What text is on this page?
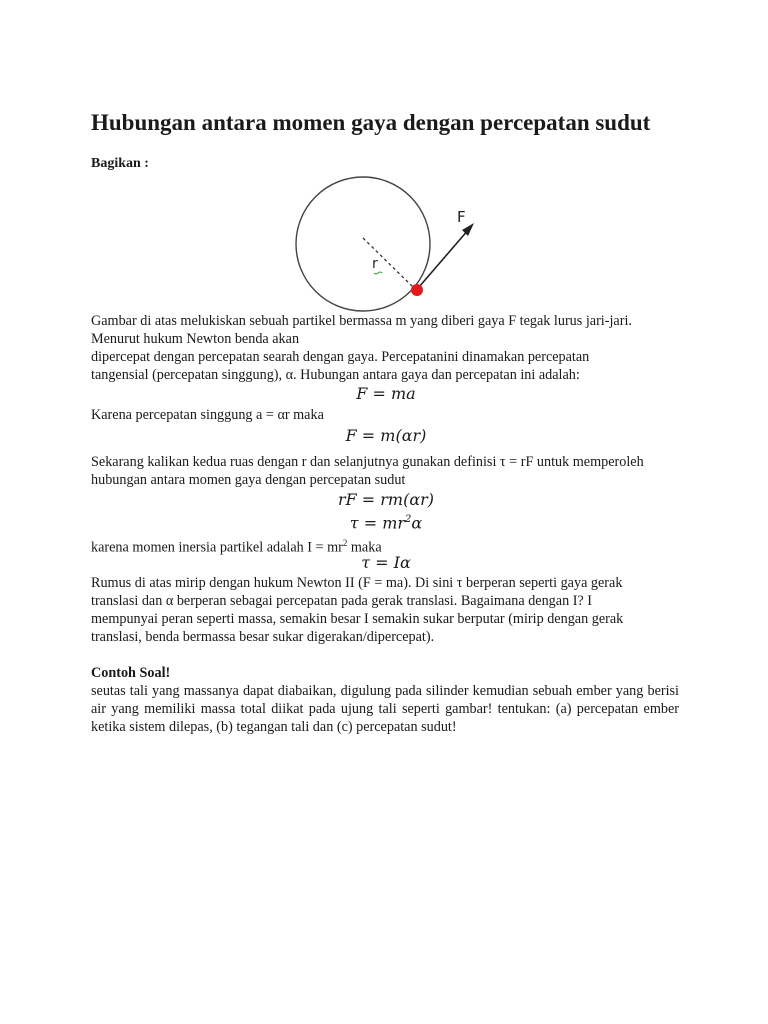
Hubungan antara momen gaya dengan percepatan sudut
Bagikan :
F
r

Gambar di atas melukiskan sebuah partikel bermassa m yang diberi gaya F tegak lurus jari-jari.
Menurut hukum Newton benda akan
dipercepat dengan percepatan searah dengan gaya. Percepatanini dinamakan percepatan
tangensial (percepatan singgung), α. Hubungan antara gaya dan percepatan ini adalah:

F = ma

Karena percepatan singgung a = αr maka

F = m(αr)

Sekarang kalikan kedua ruas dengan r dan selanjutnya gunakan definisi τ = rF untuk memperoleh
hubungan antara momen gaya dengan percepatan sudut

rF = rm(αr)

$\tau = mr^2\alpha$

karena momen inersia partikel adalah $I = mr^2$ maka

τ = Iα

Rumus di atas mirip dengan hukum Newton II (F = ma). Di sini τ berperan seperti gaya gerak
translasi dan α berperan sebagai percepatan pada gerak translasi. Bagaimana dengan I? I
mempunyai peran seperti massa, semakin besar I semakin sukar berputar (mirip dengan gerak
translasi, benda bermassa besar sukar digerakan/dipercepat).

Contoh Soal!

seutas tali yang massanya dapat diabaikan, digulung pada silinder kemudian sebuah ember yang berisi air yang memiliki massa total diikat pada ujung tali seperti gambar! tentukan: (a) percepatan ember ketika sistem dilepas, (b) tegangan tali dan (c) percepatan sudut!
